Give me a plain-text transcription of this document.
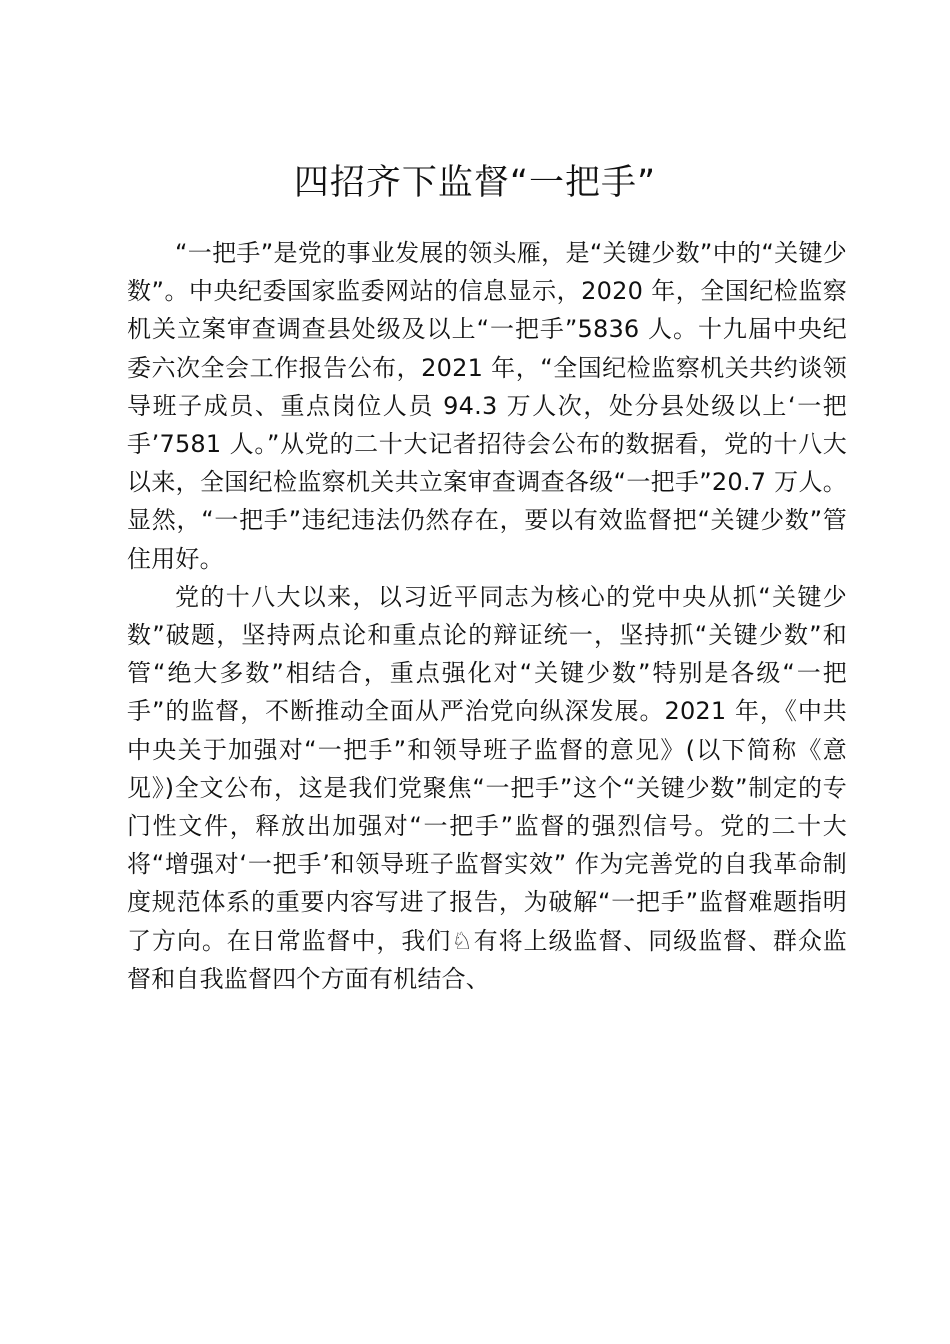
四招齐下监督“一把手”

“一把手”是党的事业发展的领头雁，是“关键少数”中的“关键少数”。中央纪委国家监委网站的信息显示，2020 年，全国纪检监察机关立案审查调查县处级及以上“一把手”5836 人。十九届中央纪委六次全会工作报告公布，2021 年，“全国纪检监察机关共约谈领导班子成员、重点岗位人员 94.3 万人次，处分县处级以上‘一把手’7581 人。”从党的二十大记者招待会公布的数据看，党的十八大以来，全国纪检监察机关共立案审查调查各级“一把手”20.7 万人。显然，“一把手”违纪违法仍然存在，要以有效监督把“关键少数”管住用好。

党的十八大以来，以习近平同志为核心的党中央从抓“关键少数”破题，坚持两点论和重点论的辩证统一，坚持抓“关键少数”和管“绝大多数”相结合，重点强化对“关键少数”特别是各级“一把手”的监督，不断推动全面从严治党向纵深发展。2021 年，《中共中央关于加强对“一把手”和领导班子监督的意见》(以下简称《意见》)全文公布，这是我们党聚焦“一把手”这个“关键少数”制定的专门性文件，释放出加强对“一把手”监督的强烈信号。党的二十大将“增强对‘一把手’和领导班子监督实效” 作为完善党的自我革命制度规范体系的重要内容写进了报告，为破解“一把手”监督难题指明了方向。在日常监督中，我们♘有将上级监督、同级监督、群众监督和自我监督四个方面有机结合、
